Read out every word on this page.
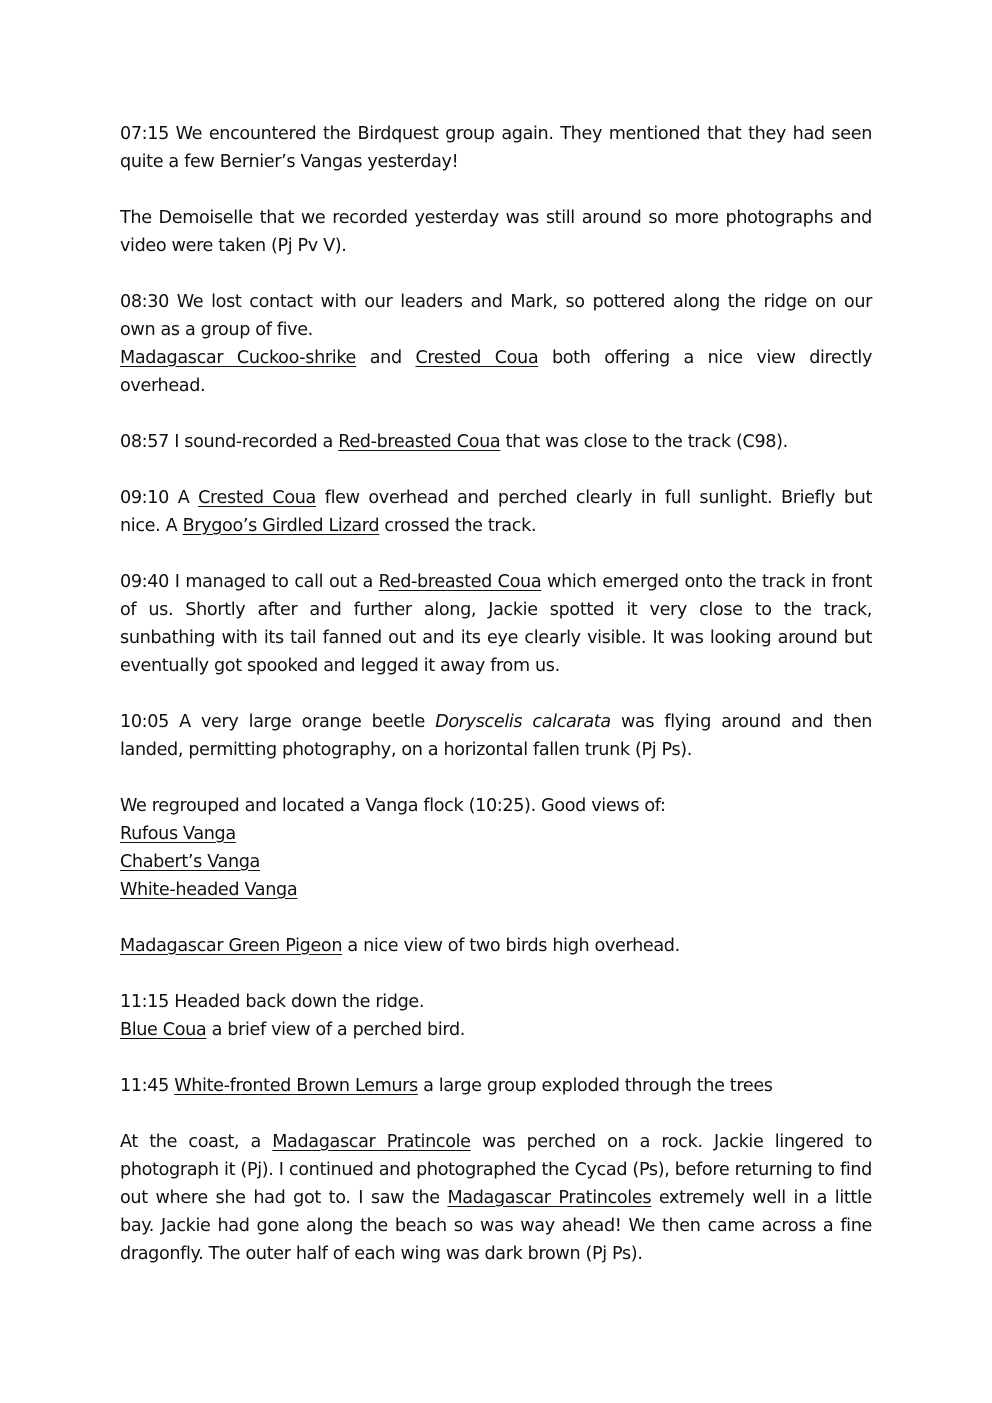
07:15 We encountered the Birdquest group again. They mentioned that they had seen quite a few Bernier’s Vangas yesterday!

The Demoiselle that we recorded yesterday was still around so more photographs and video were taken (Pj Pv V).

08:30 We lost contact with our leaders and Mark, so pottered along the ridge on our own as a group of five.
Madagascar Cuckoo-shrike and Crested Coua both offering a nice view directly overhead.

08:57 I sound-recorded a Red-breasted Coua that was close to the track (C98).

09:10 A Crested Coua flew overhead and perched clearly in full sunlight. Briefly but nice. A Brygoo’s Girdled Lizard crossed the track.

09:40 I managed to call out a Red-breasted Coua which emerged onto the track in front of us. Shortly after and further along, Jackie spotted it very close to the track, sunbathing with its tail fanned out and its eye clearly visible. It was looking around but eventually got spooked and legged it away from us.

10:05 A very large orange beetle Doryscelis calcarata was flying around and then landed, permitting photography, on a horizontal fallen trunk (Pj Ps).

We regrouped and located a Vanga flock (10:25). Good views of:
Rufous Vanga
Chabert’s Vanga
White-headed Vanga

Madagascar Green Pigeon a nice view of two birds high overhead.

11:15 Headed back down the ridge.
Blue Coua a brief view of a perched bird.

11:45 White-fronted Brown Lemurs a large group exploded through the trees

At the coast, a Madagascar Pratincole was perched on a rock. Jackie lingered to photograph it (Pj). I continued and photographed the Cycad (Ps), before returning to find out where she had got to. I saw the Madagascar Pratincoles extremely well in a little bay. Jackie had gone along the beach so was way ahead! We then came across a fine dragonfly. The outer half of each wing was dark brown (Pj Ps).
